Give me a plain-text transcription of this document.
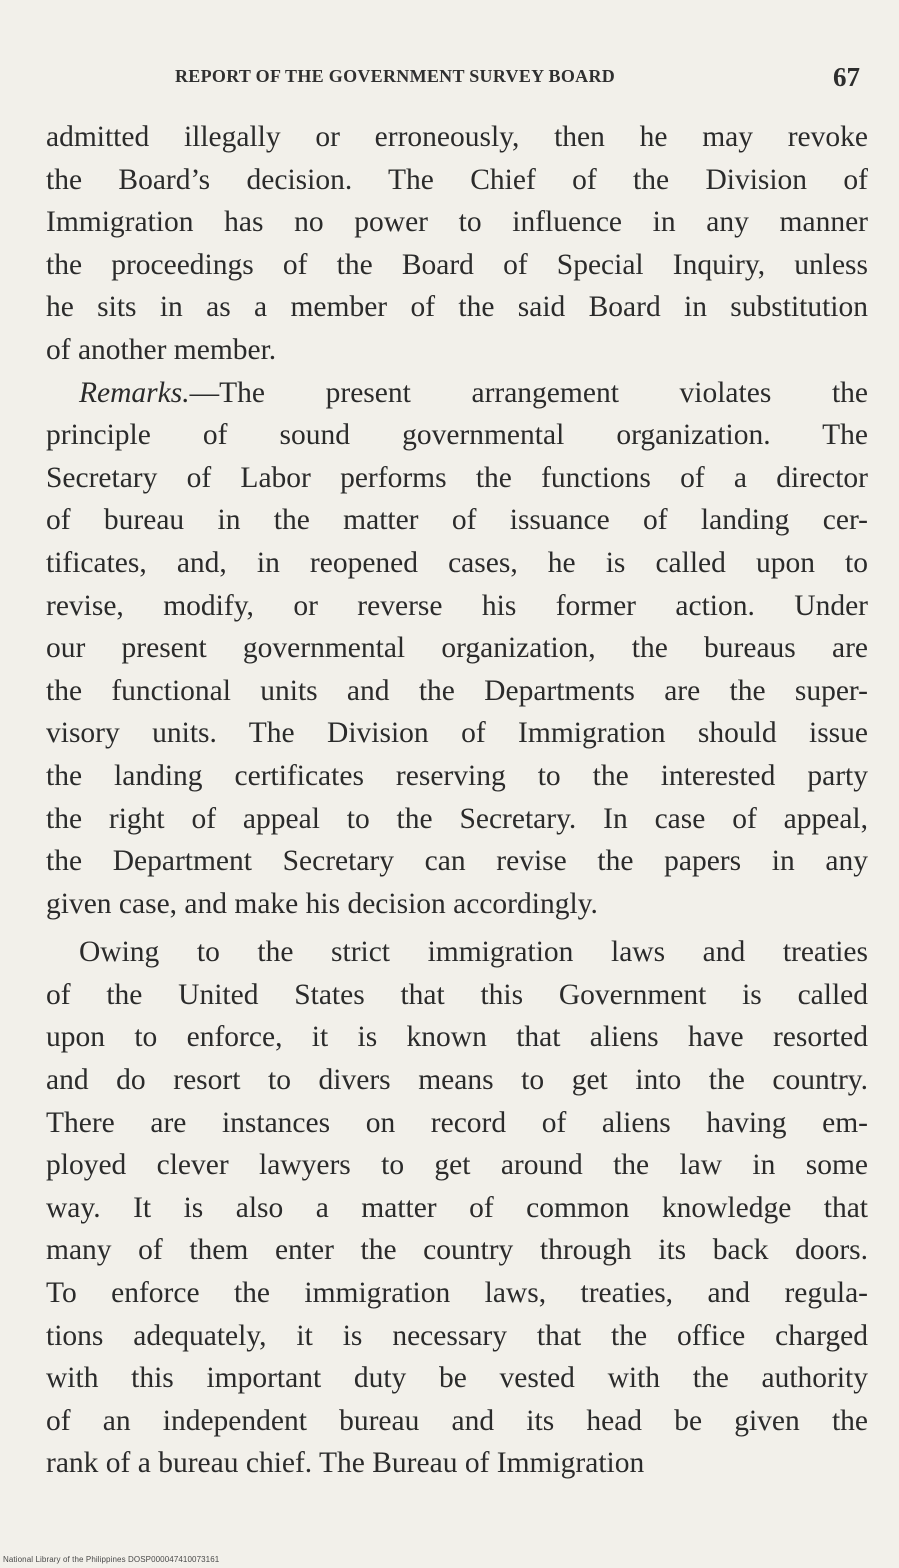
REPORT OF THE GOVERNMENT SURVEY BOARD	67
admitted illegally or erroneously, then he may revoke
the Board’s decision. The Chief of the Division of
Immigration has no power to influence in any manner
the proceedings of the Board of Special Inquiry, unless
he sits in as a member of the said Board in substitution
of another member.
Remarks.—The present arrangement violates the
principle of sound governmental organization. The
Secretary of Labor performs the functions of a director
of bureau in the matter of issuance of landing cer-
tificates, and, in reopened cases, he is called upon to
revise, modify, or reverse his former action. Under
our present governmental organization, the bureaus are
the functional units and the Departments are the super-
visory units. The Division of Immigration should issue
the landing certificates reserving to the interested party
the right of appeal to the Secretary. In case of appeal,
the Department Secretary can revise the papers in any
given case, and make his decision accordingly.
Owing to the strict immigration laws and treaties
of the United States that this Government is called
upon to enforce, it is known that aliens have resorted
and do resort to divers means to get into the country.
There are instances on record of aliens having em-
ployed clever lawyers to get around the law in some
way. It is also a matter of common knowledge that
many of them enter the country through its back doors.
To enforce the immigration laws, treaties, and regula-
tions adequately, it is necessary that the office charged
with this important duty be vested with the authority
of an independent bureau and its head be given the
rank of a bureau chief. The Bureau of Immigration
National Library of the Philippines DOSP000047410073161
